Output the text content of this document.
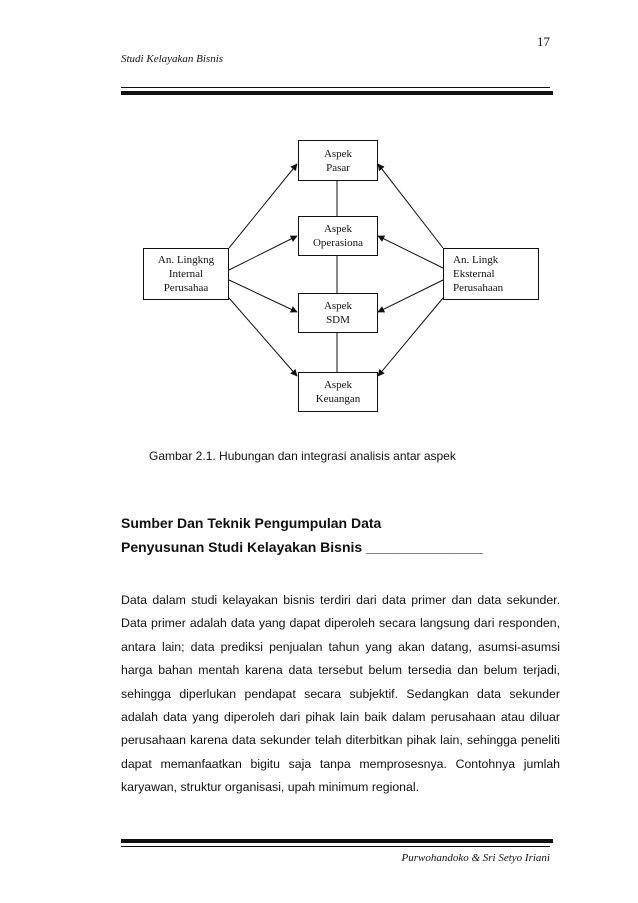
17
Studi Kelayakan Bisnis
An. Lingkng
Internal
Perusahaa
An. Lingk
Eksternal
Perusahaan
Aspek
Pasar
Aspek
Operasiona
Aspek
SDM
Aspek
Keuangan
Gambar 2.1. Hubungan dan integrasi analisis antar aspek
Sumber Dan Teknik Pengumpulan Data
Penyusunan Studi Kelayakan Bisnis _______________

Data dalam studi kelayakan bisnis terdiri dari data primer dan data sekunder. Data primer adalah data yang dapat diperoleh secara langsung dari responden, antara lain; data prediksi penjualan tahun yang akan datang, asumsi-asumsi harga bahan mentah karena data tersebut belum tersedia dan belum terjadi, sehingga diperlukan pendapat secara subjektif. Sedangkan data sekunder adalah data yang diperoleh dari pihak lain baik dalam perusahaan atau diluar perusahaan karena data sekunder telah diterbitkan pihak lain, sehingga peneliti dapat memanfaatkan bigitu saja tanpa memprosesnya. Contohnya jumlah karyawan, struktur organisasi, upah minimum regional.

Purwohandoko & Sri Setyo Iriani
